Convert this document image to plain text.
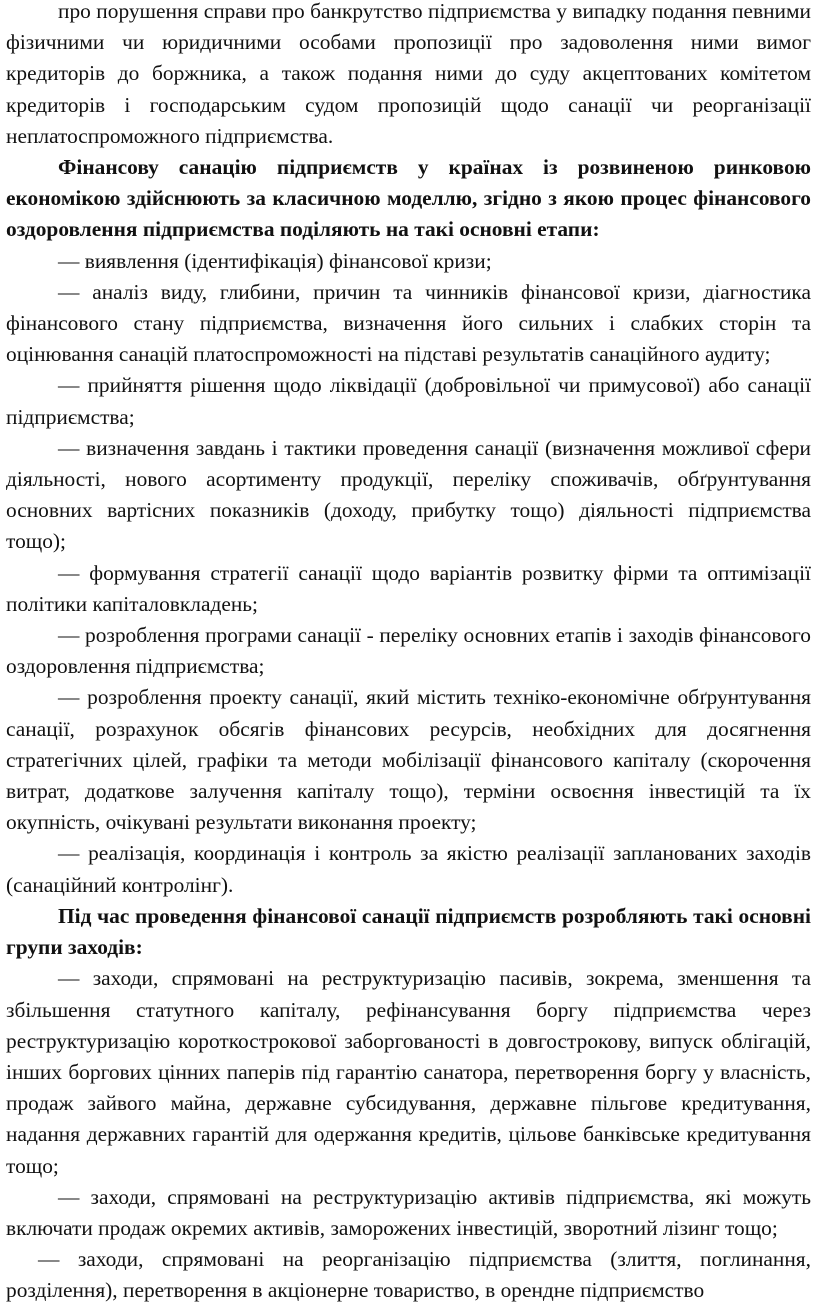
про порушення справи про банкрутство підприємства у випадку подання певними фізичними чи юридичними особами пропозиції про задоволення ними вимог кредиторів до боржника, а також подання ними до суду акцептованих комітетом кредиторів і господарським судом пропозицій щодо санації чи реорганізації неплатоспроможного підприємства.

Фінансову санацію підприємств у країнах із розвиненою ринковою економікою здійснюють за класичною моделлю, згідно з якою процес фінансового оздоровлення підприємства поділяють на такі основні етапи:

— виявлення (ідентифікація) фінансової кризи;

— аналіз виду, глибини, причин та чинників фінансової кризи, діагностика фінансового стану підприємства, визначення його сильних і слабких сторін та оцінювання санацій платоспроможності на підставі результатів санаційного аудиту;

— прийняття рішення щодо ліквідації (добровільної чи примусової) або санації підприємства;

— визначення завдань і тактики проведення санації (визначення можливої сфери діяльності, нового асортименту продукції, переліку споживачів, обґрунтування основних вартісних показників (доходу, прибутку тощо) діяльності підприємства тощо);

— формування стратегії санації щодо варіантів розвитку фірми та оптимізації політики капіталовкладень;

— розроблення програми санації - переліку основних етапів і заходів фінансового оздоровлення підприємства;

— розроблення проекту санації, який містить техніко-економічне обґрунтування санації, розрахунок обсягів фінансових ресурсів, необхідних для досягнення стратегічних цілей, графіки та методи мобілізації фінансового капіталу (скорочення витрат, додаткове залучення капіталу тощо), терміни освоєння інвестицій та їх окупність, очікувані результати виконання проекту;

— реалізація, координація і контроль за якістю реалізації запланованих заходів (санаційний контролінг).

Під час проведення фінансової санації підприємств розробляють такі основні групи заходів:

— заходи, спрямовані на реструктуризацію пасивів, зокрема, зменшення та збільшення статутного капіталу, рефінансування боргу підприємства через реструктуризацію короткострокової заборгованості в довгострокову, випуск облігацій, інших боргових цінних паперів під гарантію санатора, перетворення боргу у власність, продаж зайвого майна, державне субсидування, державне пільгове кредитування, надання державних гарантій для одержання кредитів, цільове банківське кредитування тощо;

— заходи, спрямовані на реструктуризацію активів підприємства, які можуть включати продаж окремих активів, заморожених інвестицій, зворотний лізинг тощо;

— заходи, спрямовані на реорганізацію підприємства (злиття, поглинання, розділення), перетворення в акціонерне товариство, в орендне підприємство
